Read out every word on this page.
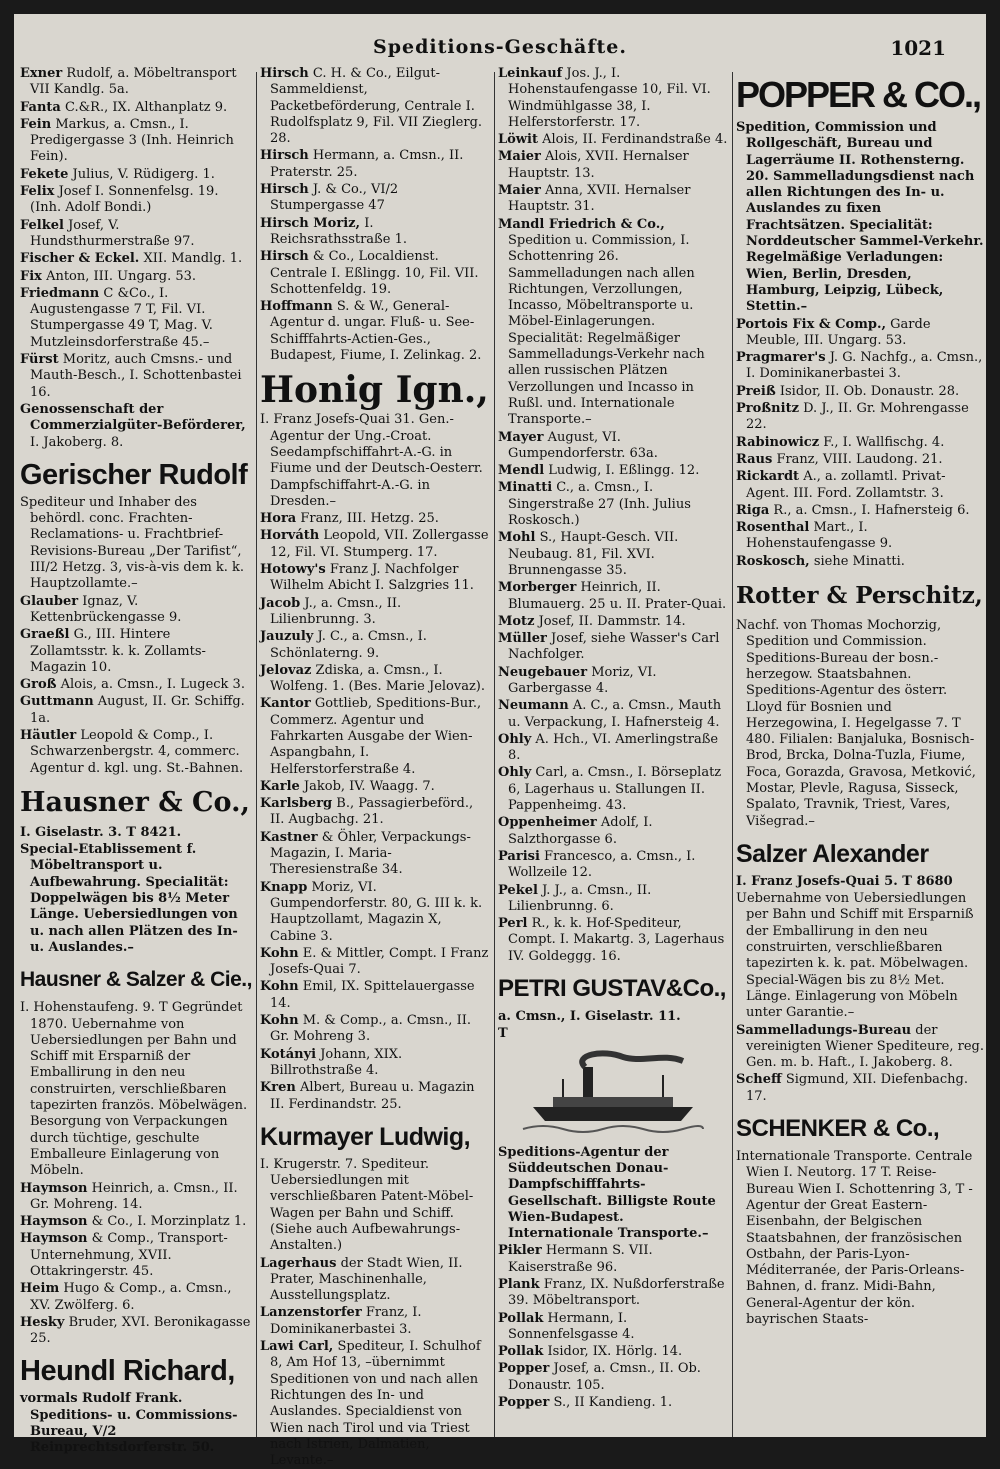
Speditions-Geschäfte.	1021
Exner Rudolf, a. Möbeltransport VII Kandlg. 5a.
Fanta C.&R., IX. Althanplatz 9.
Fein Markus, a. Cmsn., I. Predigergasse 3 (Inh. Heinrich Fein).
Fekete Julius, V. Rüdigerg. 1.
Felix Josef I. Sonnenfelsg. 19. (Inh. Adolf Bondi.)
Felkel Josef, V. Hundsthurmerstraße 97.
Fischer & Eckel. XII. Mandlg. 1.
Fix Anton, III. Ungarg. 53.
Friedmann C &Co., I. Augustengasse 7 T, Fil. VI. Stumpergasse 49 T, Mag. V. Mutzleinsdorferstraße 45.–
Fürst Moritz, auch Cmsns.- und Mauth-Besch., I. Schottenbastei 16.
Genossenschaft der Commerzialgüter-Beförderer, I. Jakoberg. 8.
Gerischer Rudolf
Spediteur und Inhaber des behördl. conc. Frachten-Reclamations- u. Frachtbrief-Revisions-Bureau „Der Tarifist“, III/2 Hetzg. 3, vis-à-vis dem k. k. Hauptzollamte.–
Glauber Ignaz, V. Kettenbrückengasse 9.
Graeßl G., III. Hintere Zollamtsstr. k. k. Zollamts-Magazin 10.
Groß Alois, a. Cmsn., I. Lugeck 3.
Guttmann August, II. Gr. Schiffg. 1a.
Häutler Leopold & Comp., I. Schwarzenbergstr. 4, commerc. Agentur d. kgl. ung. St.-Bahnen.
Hausner & Co.,
I. Giselastr. 3. T 8421.
Special-Etablissement f. Möbeltransport u. Aufbewahrung. Specialität: Doppelwägen bis 8½ Meter Länge. Uebersiedlungen von u. nach allen Plätzen des In- u. Auslandes.–
Hausner & Salzer & Cie.,
I. Hohenstaufeng. 9. T Gegründet 1870. Uebernahme von Uebersiedlungen per Bahn und Schiff mit Ersparniß der Emballirung in den neu construirten, verschließbaren tapezirten französ. Möbelwägen. Besorgung von Verpackungen durch tüchtige, geschulte Emballeure Einlagerung von Möbeln.
Haymson Heinrich, a. Cmsn., II. Gr. Mohreng. 14.
Haymson & Co., I. Morzinplatz 1.
Haymson & Comp., Transport-Unternehmung, XVII. Ottakringerstr. 45.
Heim Hugo & Comp., a. Cmsn., XV. Zwölferg. 6.
Hesky Bruder, XVI. Beronikagasse 25.
Heundl Richard,
vormals Rudolf Frank. Speditions- u. Commissions-Bureau, V/2 Reinprechtsdorferstr. 50.
Hirsch C. H. & Co., Eilgut-Sammeldienst, Packetbeförderung, Centrale I. Rudolfsplatz 9, Fil. VII Zieglerg. 28.
Hirsch Hermann, a. Cmsn., II. Praterstr. 25.
Hirsch J. & Co., VI/2 Stumpergasse 47
Hirsch Moriz, I. Reichsrathsstraße 1.
Hirsch & Co., Localdienst. Centrale I. Eßlingg. 10, Fil. VII. Schottenfeldg. 19.
Hoffmann S. & W., General-Agentur d. ungar. Fluß- u. See-Schifffahrts-Actien-Ges., Budapest, Fiume, I. Zelinkag. 2.
Honig Ign.,
I. Franz Josefs-Quai 31. Gen.-Agentur der Ung.-Croat. Seedampfschiffahrt-A.-G. in Fiume und der Deutsch-Oesterr. Dampfschiffahrt-A.-G. in Dresden.–
Hora Franz, III. Hetzg. 25.
Horváth Leopold, VII. Zollergasse 12, Fil. VI. Stumperg. 17.
Hotowy's Franz J. Nachfolger Wilhelm Abicht I. Salzgries 11.
Jacob J., a. Cmsn., II. Lilienbrunng. 3.
Jauzuly J. C., a. Cmsn., I. Schönlaterng. 9.
Jelovaz Zdiska, a. Cmsn., I. Wolfeng. 1. (Bes. Marie Jelovaz).
Kantor Gottlieb, Speditions-Bur., Commerz. Agentur und Fahrkarten Ausgabe der Wien-Aspangbahn, I. Helferstorferstraße 4.
Karle Jakob, IV. Waagg. 7.
Karlsberg B., Passagierbeförd., II. Augbachg. 21.
Kastner & Öhler, Verpackungs-Magazin, I. Maria-Theresienstraße 34.
Knapp Moriz, VI. Gumpendorferstr. 80, G. III k. k. Hauptzollamt, Magazin X, Cabine 3.
Kohn E. & Mittler, Compt. I Franz Josefs-Quai 7.
Kohn Emil, IX. Spittelauergasse 14.
Kohn M. & Comp., a. Cmsn., II. Gr. Mohreng 3.
Kotányi Johann, XIX. Billrothstraße 4.
Kren Albert, Bureau u. Magazin II. Ferdinandstr. 25.
Kurmayer Ludwig,
I. Krugerstr. 7. Spediteur. Uebersiedlungen mit verschließbaren Patent-Möbel-Wagen per Bahn und Schiff. (Siehe auch Aufbewahrungs-Anstalten.)
Lagerhaus der Stadt Wien, II. Prater, Maschinenhalle, Ausstellungsplatz.
Lanzenstorfer Franz, I. Dominikanerbastei 3.
Lawi Carl, Spediteur, I. Schulhof 8, Am Hof 13, –übernimmt Speditionen von und nach allen Richtungen des In- und Auslandes. Specialdienst von Wien nach Tirol und via Triest nach Istrien, Dalmatien, Levante.–
Leinkauf Jos. J., I. Hohenstaufengasse 10, Fil. VI. Windmühlgasse 38, I. Helferstorferstr. 17.
Löwit Alois, II. Ferdinandstraße 4.
Maier Alois, XVII. Hernalser Hauptstr. 13.
Maier Anna, XVII. Hernalser Hauptstr. 31.
Mandl Friedrich & Co., Spedition u. Commission, I. Schottenring 26. Sammelladungen nach allen Richtungen, Verzollungen, Incasso, Möbeltransporte u. Möbel-Einlagerungen. Specialität: Regelmäßiger Sammelladungs-Verkehr nach allen russischen Plätzen Verzollungen und Incasso in Rußl. und. Internationale Transporte.–
Mayer August, VI. Gumpendorferstr. 63a.
Mendl Ludwig, I. Eßlingg. 12.
Minatti C., a. Cmsn., I. Singerstraße 27 (Inh. Julius Roskosch.)
Mohl S., Haupt-Gesch. VII. Neubaug. 81, Fil. XVI. Brunnengasse 35.
Morberger Heinrich, II. Blumauerg. 25 u. II. Prater-Quai.
Motz Josef, II. Dammstr. 14.
Müller Josef, siehe Wasser's Carl Nachfolger.
Neugebauer Moriz, VI. Garbergasse 4.
Neumann A. C., a. Cmsn., Mauth u. Verpackung, I. Hafnersteig 4.
Ohly A. Hch., VI. Amerlingstraße 8.
Ohly Carl, a. Cmsn., I. Börseplatz 6, Lagerhaus u. Stallungen II. Pappenheimg. 43.
Oppenheimer Adolf, I. Salzthorgasse 6.
Parisi Francesco, a. Cmsn., I. Wollzeile 12.
Pekel J. J., a. Cmsn., II. Lilienbrunng. 6.
Perl R., k. k. Hof-Spediteur, Compt. I. Makartg. 3, Lagerhaus IV. Goldeggg. 16.
PETRI GUSTAV&Co.,
a. Cmsn., I. Giselastr. 11.
T
Speditions-Agentur der Süddeutschen Donau-Dampfschifffahrts-Gesellschaft. Billigste Route Wien-Budapest. Internationale Transporte.–
Pikler Hermann S. VII. Kaiserstraße 96.
Plank Franz, IX. Nußdorferstraße 39. Möbeltransport.
Pollak Hermann, I. Sonnenfelsgasse 4.
Pollak Isidor, IX. Hörlg. 14.
Popper Josef, a. Cmsn., II. Ob. Donaustr. 105.
Popper S., II Kandieng. 1.
POPPER & CO.,
Spedition, Commission und Rollgeschäft, Bureau und Lagerräume II. Rothensterng. 20. Sammelladungsdienst nach allen Richtungen des In- u. Auslandes zu fixen Frachtsätzen. Specialität: Norddeutscher Sammel-Verkehr. Regelmäßige Verladungen: Wien, Berlin, Dresden, Hamburg, Leipzig, Lübeck, Stettin.–
Portois Fix & Comp., Garde Meuble, III. Ungarg. 53.
Pragmarer's J. G. Nachfg., a. Cmsn., I. Dominikanerbastei 3.
Preiß Isidor, II. Ob. Donaustr. 28.
Proßnitz D. J., II. Gr. Mohrengasse 22.
Rabinowicz F., I. Wallfischg. 4.
Raus Franz, VIII. Laudong. 21.
Rickardt A., a. zollamtl. Privat-Agent. III. Ford. Zollamtstr. 3.
Riga R., a. Cmsn., I. Hafnersteig 6.
Rosenthal Mart., I. Hohenstaufengasse 9.
Roskosch, siehe Minatti.
Rotter & Perschitz,
Nachf. von Thomas Mochorzig, Spedition und Commission. Speditions-Bureau der bosn.-herzegow. Staatsbahnen. Speditions-Agentur des österr. Lloyd für Bosnien und Herzegowina, I. Hegelgasse 7. T 480. Filialen: Banjaluka, Bosnisch-Brod, Brcka, Dolna-Tuzla, Fiume, Foca, Gorazda, Gravosa, Metković, Mostar, Plevle, Ragusa, Sisseck, Spalato, Travnik, Triest, Vares, Višegrad.–
Salzer Alexander
I. Franz Josefs-Quai 5. T 8680
Uebernahme von Uebersiedlungen per Bahn und Schiff mit Ersparniß der Emballirung in den neu construirten, verschließbaren tapezirten k. k. pat. Möbelwagen. Special-Wägen bis zu 8½ Met. Länge. Einlagerung von Möbeln unter Garantie.–
Sammelladungs-Bureau der vereinigten Wiener Spediteure, reg. Gen. m. b. Haft., I. Jakoberg. 8.
Scheff Sigmund, XII. Diefenbachg. 17.
SCHENKER & Co.,
Internationale Transporte. Centrale Wien I. Neutorg. 17 T. Reise-Bureau Wien I. Schottenring 3, T -Agentur der Great Eastern-Eisenbahn, der Belgischen Staatsbahnen, der französischen Ostbahn, der Paris-Lyon-Méditerranée, der Paris-Orleans-Bahnen, d. franz. Midi-Bahn, General-Agentur der kön. bayrischen Staats-
